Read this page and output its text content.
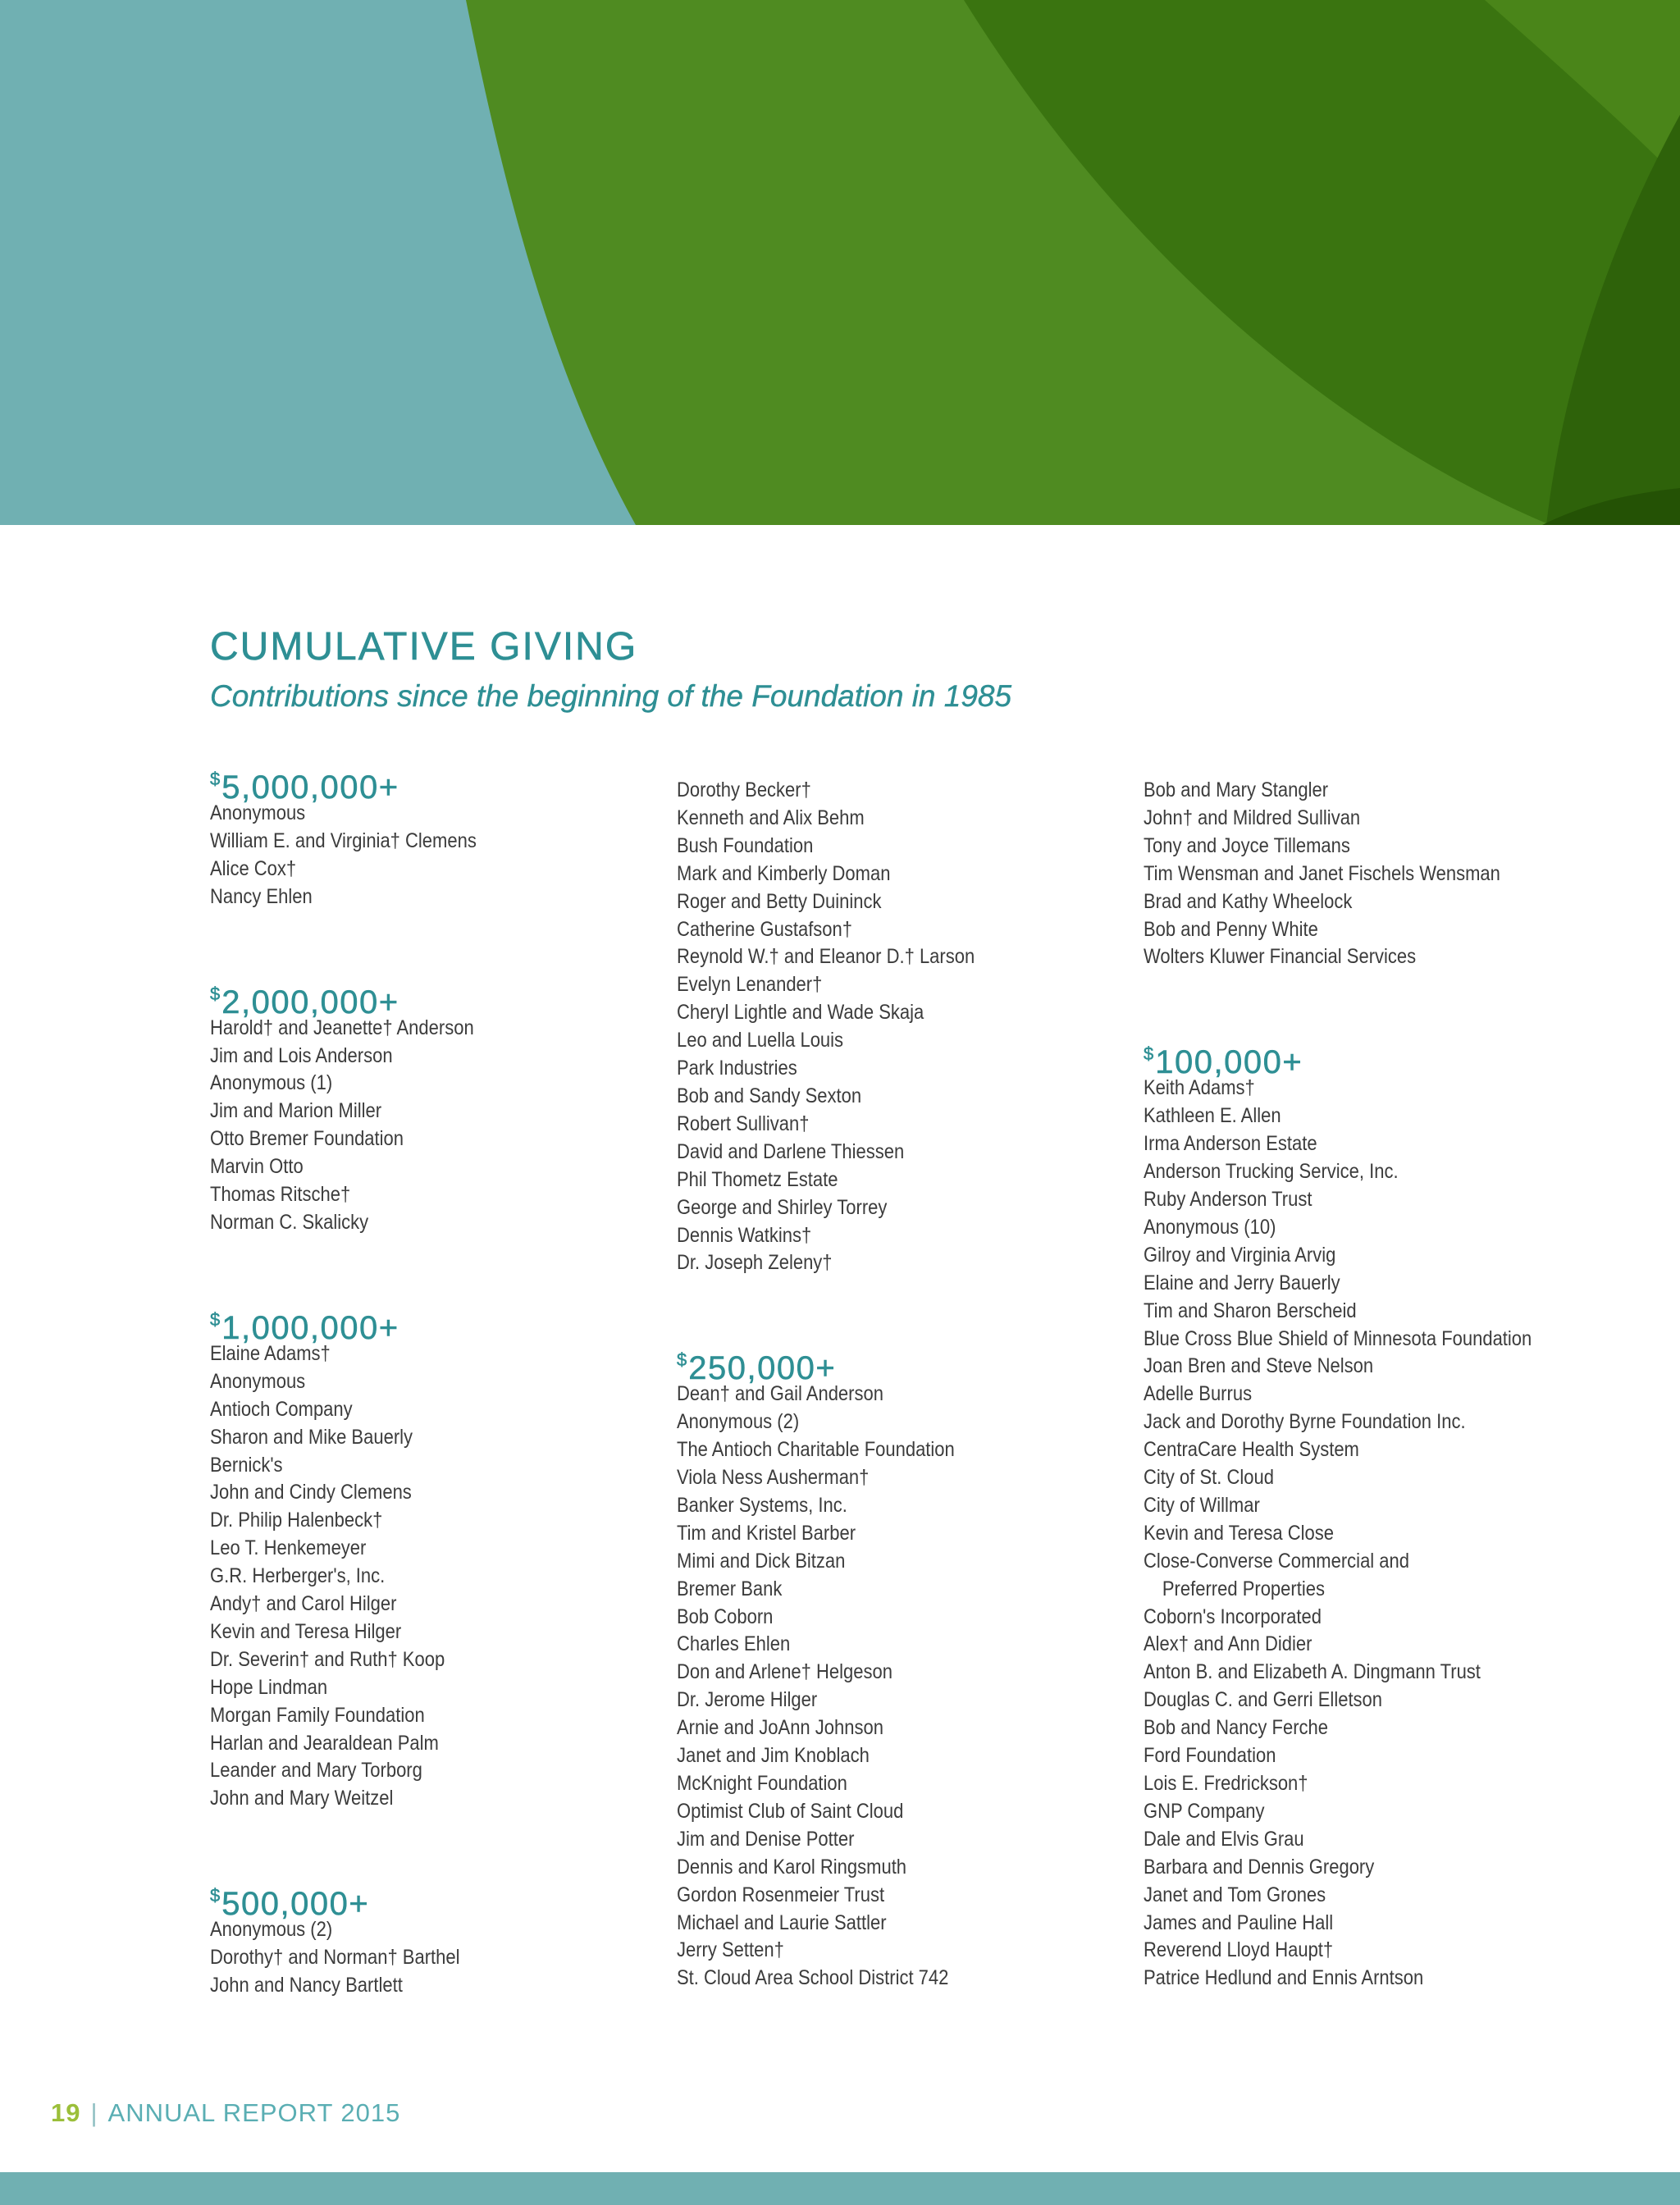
CUMULATIVE GIVING
Contributions since the beginning of the Foundation in 1985
$5,000,000+
Anonymous
William E. and Virginia† Clemens
Alice Cox†
Nancy Ehlen
$2,000,000+
Harold† and Jeanette† Anderson
Jim and Lois Anderson
Anonymous (1)
Jim and Marion Miller
Otto Bremer Foundation
Marvin Otto
Thomas Ritsche†
Norman C. Skalicky
$1,000,000+
Elaine Adams†
Anonymous
Antioch Company
Sharon and Mike Bauerly
Bernick's
John and Cindy Clemens
Dr. Philip Halenbeck†
Leo T. Henkemeyer
G.R. Herberger's, Inc.
Andy† and Carol Hilger
Kevin and Teresa Hilger
Dr. Severin† and Ruth† Koop
Hope Lindman
Morgan Family Foundation
Harlan and Jearaldean Palm
Leander and Mary Torborg
John and Mary Weitzel
$500,000+
Anonymous (2)
Dorothy† and Norman† Barthel
John and Nancy Bartlett
Dorothy Becker†
Kenneth and Alix Behm
Bush Foundation
Mark and Kimberly Doman
Roger and Betty Duininck
Catherine Gustafson†
Reynold W.† and Eleanor D.† Larson
Evelyn Lenander†
Cheryl Lightle and Wade Skaja
Leo and Luella Louis
Park Industries
Bob and Sandy Sexton
Robert Sullivan†
David and Darlene Thiessen
Phil Thometz Estate
George and Shirley Torrey
Dennis Watkins†
Dr. Joseph Zeleny†
$250,000+
Dean† and Gail Anderson
Anonymous (2)
The Antioch Charitable Foundation
Viola Ness Ausherman†
Banker Systems, Inc.
Tim and Kristel Barber
Mimi and Dick Bitzan
Bremer Bank
Bob Coborn
Charles Ehlen
Don and Arlene† Helgeson
Dr. Jerome Hilger
Arnie and JoAnn Johnson
Janet and Jim Knoblach
McKnight Foundation
Optimist Club of Saint Cloud
Jim and Denise Potter
Dennis and Karol Ringsmuth
Gordon Rosenmeier Trust
Michael and Laurie Sattler
Jerry Setten†
St. Cloud Area School District 742
Bob and Mary Stangler
John† and Mildred Sullivan
Tony and Joyce Tillemans
Tim Wensman and Janet Fischels Wensman
Brad and Kathy Wheelock
Bob and Penny White
Wolters Kluwer Financial Services
$100,000+
Keith Adams†
Kathleen E. Allen
Irma Anderson Estate
Anderson Trucking Service, Inc.
Ruby Anderson Trust
Anonymous (10)
Gilroy and Virginia Arvig
Elaine and Jerry Bauerly
Tim and Sharon Berscheid
Blue Cross Blue Shield of Minnesota Foundation
Joan Bren and Steve Nelson
Adelle Burrus
Jack and Dorothy Byrne Foundation Inc.
CentraCare Health System
City of St. Cloud
City of Willmar
Kevin and Teresa Close
Close-Converse Commercial and
Preferred Properties
Coborn's Incorporated
Alex† and Ann Didier
Anton B. and Elizabeth A. Dingmann Trust
Douglas C. and Gerri Elletson
Bob and Nancy Ferche
Ford Foundation
Lois E. Fredrickson†
GNP Company
Dale and Elvis Grau
Barbara and Dennis Gregory
Janet and Tom Grones
James and Pauline Hall
Reverend Lloyd Haupt†
Patrice Hedlund and Ennis Arntson
19 | ANNUAL REPORT 2015
